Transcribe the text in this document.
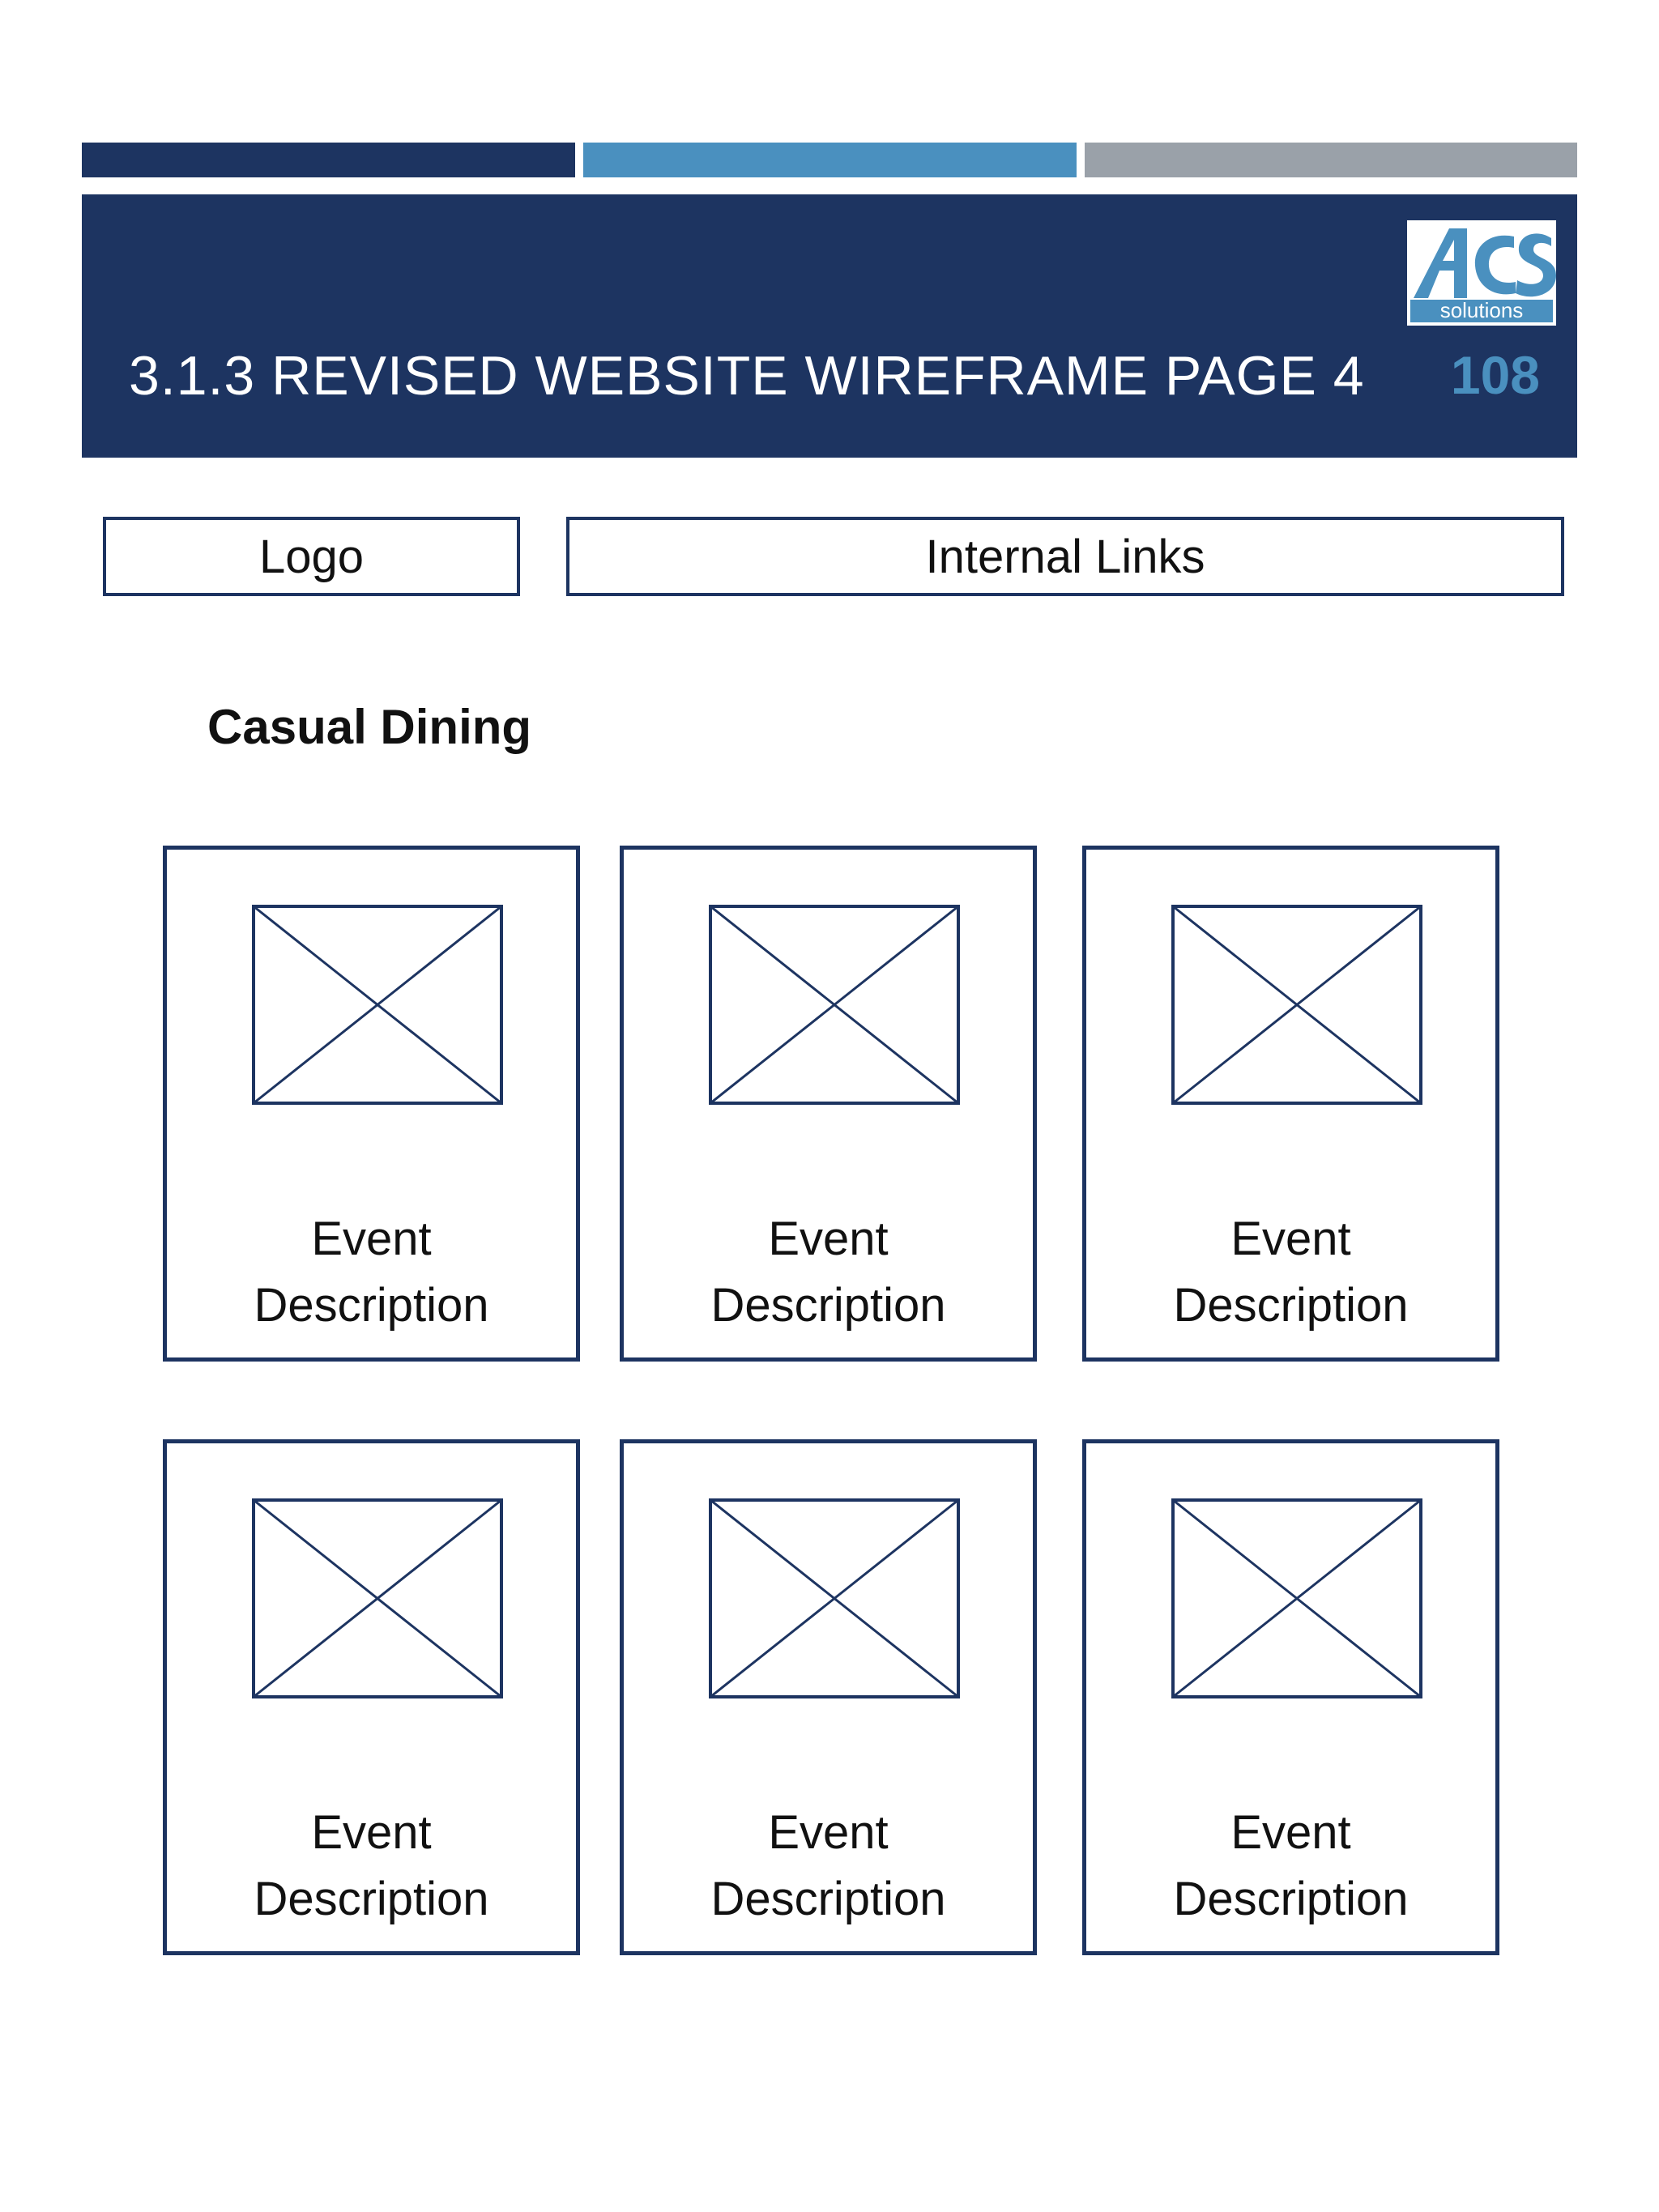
solutions
3.1.3 REVISED WEBSITE WIREFRAME PAGE 4 108
Logo	Internal Links
Casual Dining
Event
Description
Event
Description
Event
Description
Event
Description
Event
Description
Event
Description
